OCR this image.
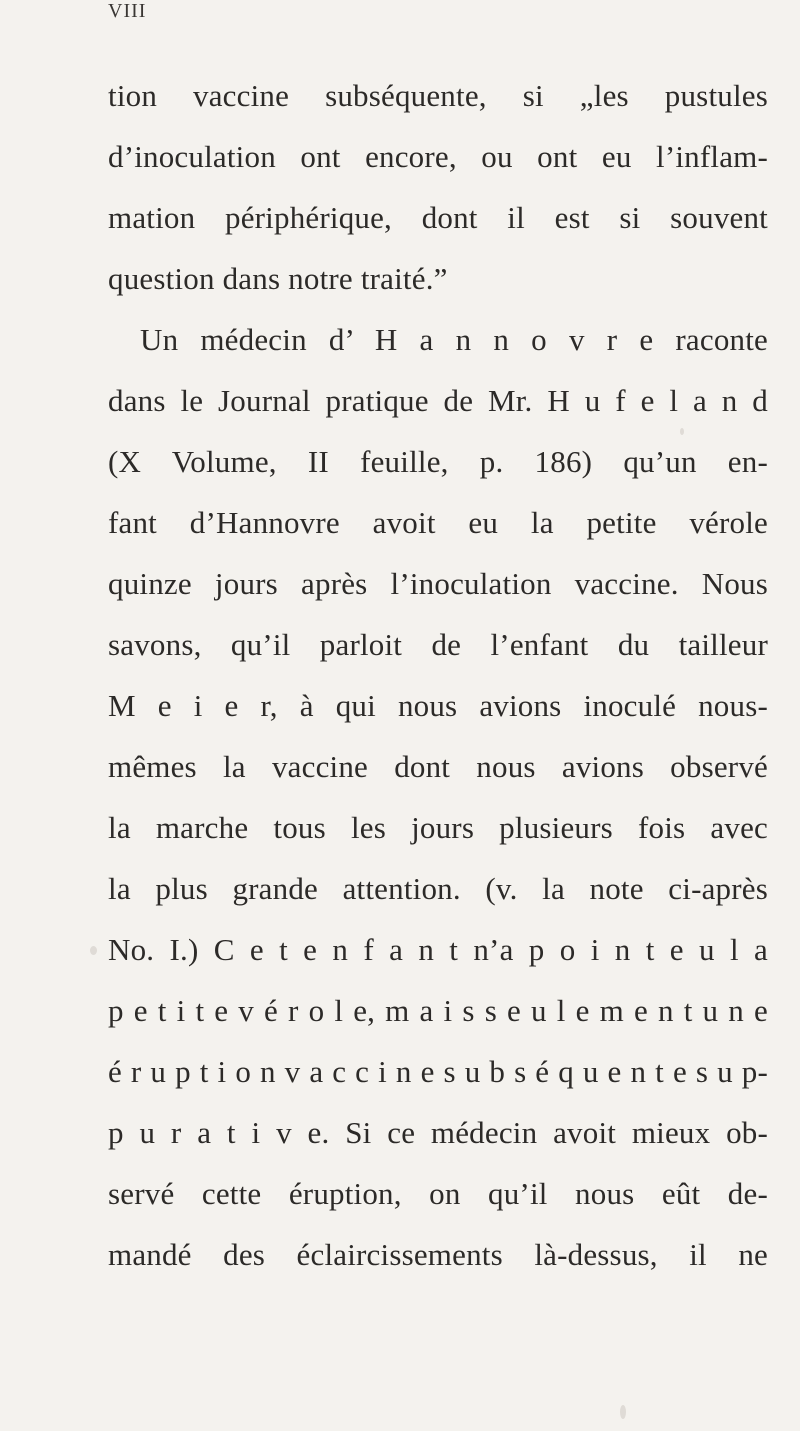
VIII
tion vaccine subséquente, si „les pustules
d’inoculation ont encore, ou ont eu l’inflam-
mation périphérique, dont il est si souvent
question dans notre traité.”
Un médecin d’ H a n n o v r e raconte
dans le Journal pratique de Mr. H u f e l a n d
(X Volume, II feuille, p. 186) qu’un en-
fant d’Hannovre avoit eu la petite vérole
quinze jours après l’inoculation vaccine. Nous
savons, qu’il parloit de l’enfant du tailleur
M e i e r, à qui nous avions inoculé nous-
mêmes la vaccine dont nous avions observé
la marche tous les jours plusieurs fois avec
la plus grande attention. (v. la note ci-après
No. I.) C e t e n f a n t n’a p o i n t e u l a
p e t i t e v é r o l e, m a i s s e u l e m e n t u n e
é r u p t i o n v a c c i n e s u b s é q u e n t e s u p-
p u r a t i v e. Si ce médecin avoit mieux ob-
servé cette éruption, on qu’il nous eût de-
mandé des éclaircissements là-dessus, il ne
